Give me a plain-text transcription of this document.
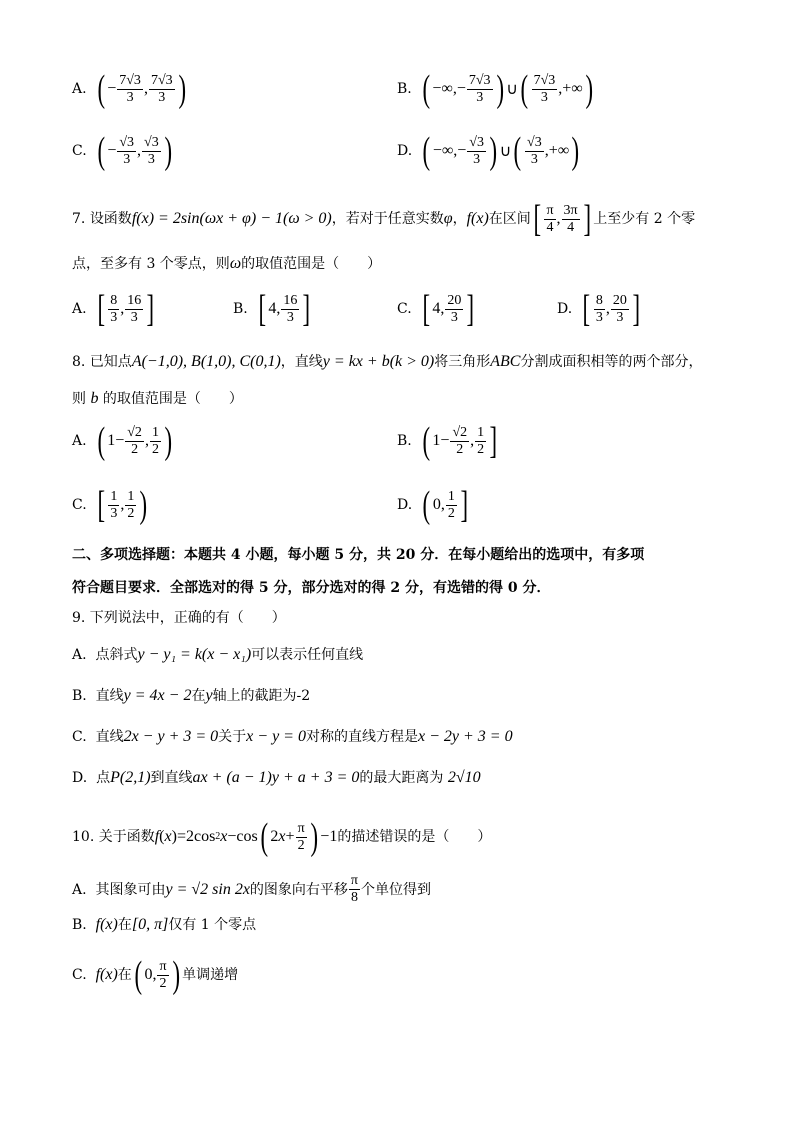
A. ( − $\frac{7√3}{3}$ , $\frac{7√3}{3}$ )	B. ( −∞,− $\frac{7√3}{3}$ ) ∪ ( $\frac{7√3}{3}$ ,+∞ )
C. ( − $\frac{√3}{3}$ , $\frac{√3}{3}$ )	D. ( −∞,− $\frac{√3}{3}$ ) ∪ ( $\frac{√3}{3}$ ,+∞ )
7.
设函数 f(x) = 2sin(ωx + φ) − 1(ω > 0) ，若对于任意实数 φ ， f(x) 在区间 [ $\frac{\pi}{4}$ , $\frac{3\pi}{4}$ ] 上至少有 2 个零
点，至多有 3 个零点，则ω的取值范围是（　　）
A. [ $\frac{8}{3}$ , $\frac{16}{3}$ ]	B. [ 4, $\frac{16}{3}$ ]	C. [ 4, $\frac{20}{3}$ ]	D. [ $\frac{8}{3}$ , $\frac{20}{3}$ ]
8. 已知点A(−1,0), B(1,0), C(0,1)，直线y = kx + b(k > 0)将三角形ABC分割成面积相等的两个部分，
则 b 的取值范围是（　　）
A. ( $1- \frac{√2}{2}$ , $\frac{1}{2}$ )	B. ( $1- \frac{√2}{2}$ , $\frac{1}{2}$ ]
C. [ $\frac{1}{3}$ , $\frac{1}{2}$ )	D. ( 0, $\frac{1}{2}$ ]
二、多项选择题：本题共 4 小题，每小题 5 分，共 20 分．在每小题给出的选项中，有多项
符合题目要求．全部选对的得 5 分，部分选对的得 2 分，有选错的得 0 分．
9. 下列说法中，正确的有（　　）
A. 点斜式y − y₁ = k(x − x₁)可以表示任何直线
B. 直线y = 4x − 2在y轴上的截距为-2
C. 直线2x − y + 3 = 0关于x − y = 0对称的直线方程是x − 2y + 3 = 0
D. 点P(2,1)到直线ax + (a − 1)y + a + 3 = 0的最大距离为 2√10
10.
关于函数 f ( x )=2cos 2 x −cos ( 2 $x + \frac{\pi}{2}$ ) −1 的描述错误的是（　　）
A.
其图象可由 y = √2 sin 2x 的图象向右平移 $\frac{\pi}{8}$ 个单位得到
B. f(x)在[0, π]仅有 1 个零点
C.
f(x) 在 ( 0, $\frac{\pi}{2}$ ) 单调递增
